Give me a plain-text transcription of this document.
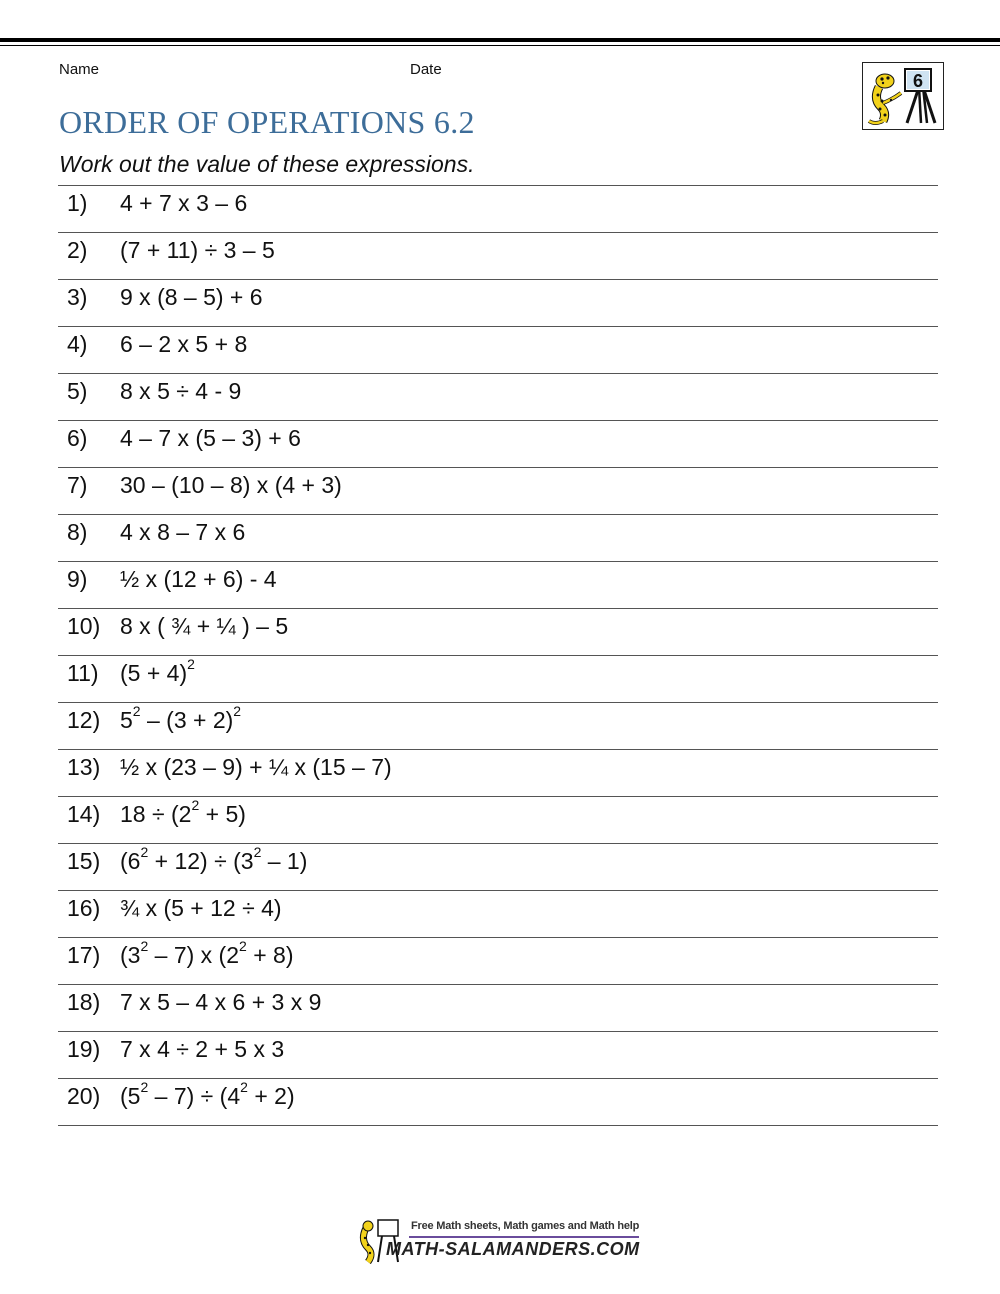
Name	Date
6
ORDER OF OPERATIONS 6.2
Work out the value of these expressions.
1) 4 + 7 x 3 – 6
2) (7 + 11) ÷ 3 – 5
3) 9 x (8 – 5) + 6
4) 6 – 2 x 5 + 8
5) 8 x 5 ÷ 4 - 9
6) 4 – 7 x (5 – 3) + 6
7) 30 – (10 – 8) x (4 + 3)
8) 4 x 8 – 7 x 6
9) ½ x (12 + 6) - 4
10) 8 x ( ¾ + ¼ ) – 5
11) $(5 + 4)^2$
12) $5^2 - (3 + 2)^2$
13) ½ x (23 – 9) + ¼ x (15 – 7)
14) $18 \div (2^2 + 5)$
15) $(6^2 + 12) \div (3^2 - 1)$
16) ¾ x (5 + 12 ÷ 4)
17) $(3^2 - 7)$ x $(2^2 + 8)$
18) 7 x 5 – 4 x 6 + 3 x 9
19) 7 x 4 ÷ 2 + 5 x 3
20) $(5^2 - 7) \div (4^2 + 2)$
Free Math sheets, Math games and Math help
MATH-SALAMANDERS.COM
